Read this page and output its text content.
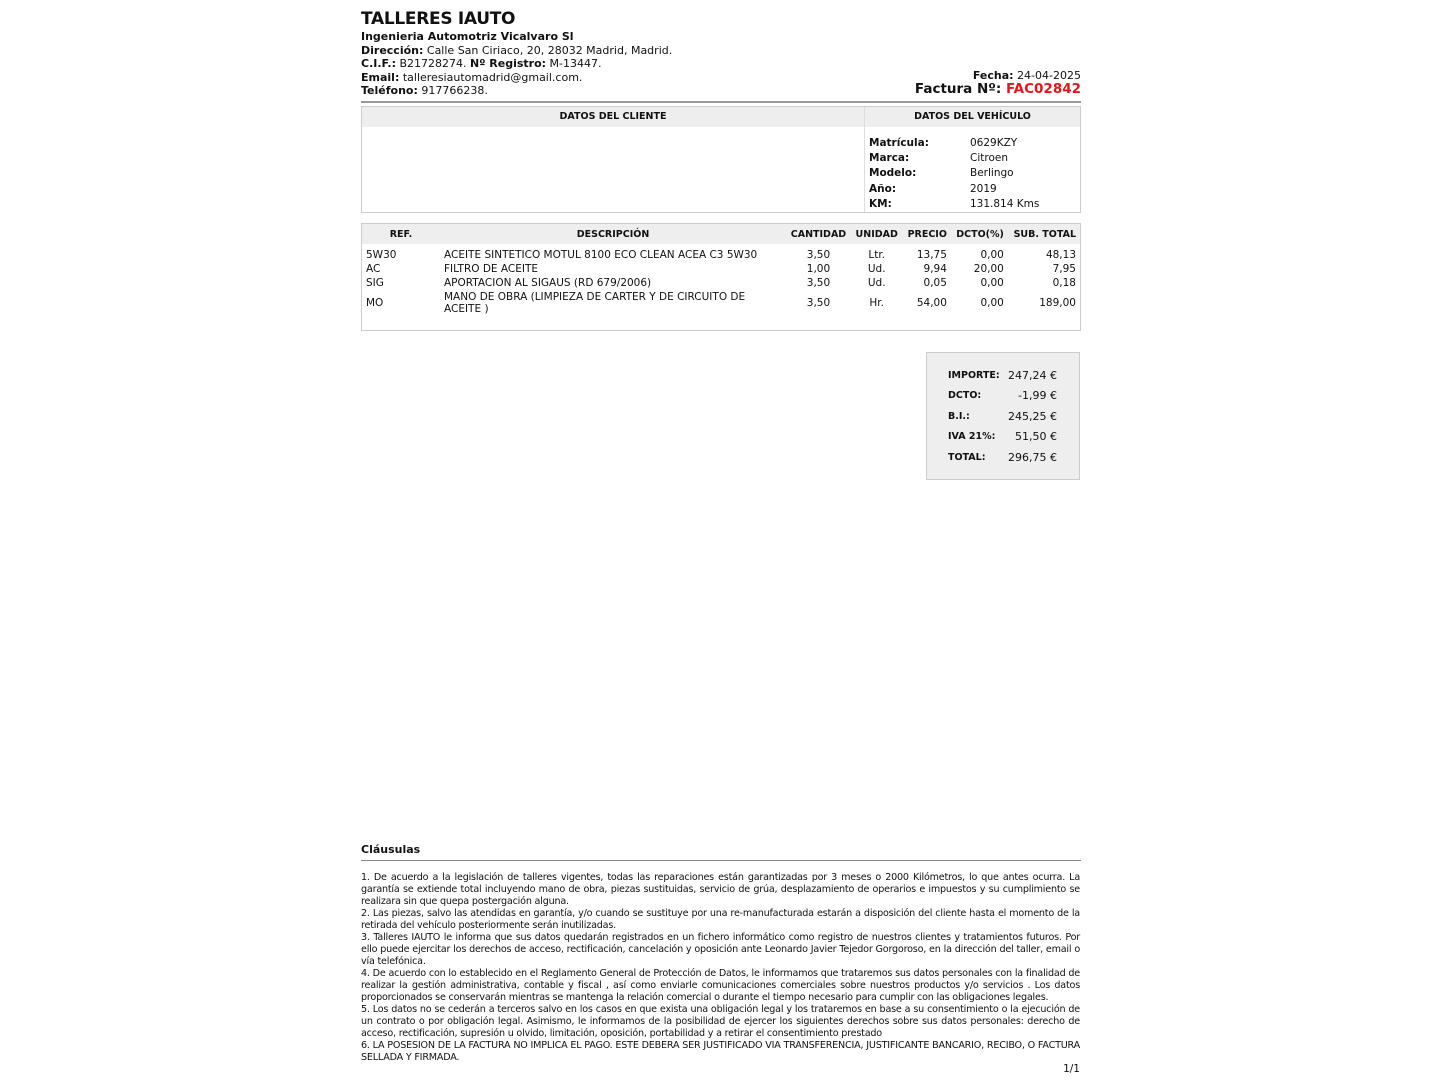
TALLERES IAUTO
Ingenieria Automotriz Vicalvaro Sl
Dirección: Calle San Ciriaco, 20, 28032 Madrid, Madrid.
C.I.F.: B21728274. Nº Registro: M-13447.
Email: talleresiautomadrid@gmail.com.
Teléfono: 917766238.
Fecha: 24-04-2025
Factura Nº: FAC02842
DATOS DEL CLIENTE	DATOS DEL VEHÍCULO
Matrícula:	0629KZY
Marca:	Citroen
Modelo:	Berlingo
Año:	2019
KM:	131.814 Kms
REF.	DESCRIPCIÓN	CANTIDAD	UNIDAD	PRECIO	DCTO(%)	SUB. TOTAL

5W30	ACEITE SINTETICO MOTUL 8100 ECO CLEAN ACEA C3 5W30	3,50	Ltr.	13,75	0,00	48,13
AC	FILTRO DE ACEITE	1,00	Ud.	9,94	20,00	7,95
SIG	APORTACION AL SIGAUS (RD 679/2006)	3,50	Ud.	0,05	0,00	0,18
MO	MANO DE OBRA (LIMPIEZA DE CARTER Y DE CIRCUITO DE ACEITE )	3,50	Hr.	54,00	0,00	189,00
IMPORTE: 247,24 €
DCTO:	-1,99 €
B.I.:	245,25 €
IVA 21%: 51,50 €
TOTAL: 296,75 €
Cláusulas
1. De acuerdo a la legislación de talleres vigentes, todas las reparaciones están garantizadas por 3 meses o 2000 Kilómetros, lo que antes ocurra. La garantía se extiende total incluyendo mano de obra, piezas sustituidas, servicio de grúa, desplazamiento de operarios e impuestos y su cumplimiento se realizara sin que quepa postergación alguna.
2. Las piezas, salvo las atendidas en garantía, y/o cuando se sustituye por una re-manufacturada estarán a disposición del cliente hasta el momento de la retirada del vehículo posteriormente serán inutilizadas.
3. Talleres IAUTO le informa que sus datos quedarán registrados en un fichero informático como registro de nuestros clientes y tratamientos futuros. Por ello puede ejercitar los derechos de acceso, rectificación, cancelación y oposición ante Leonardo Javier Tejedor Gorgoroso, en la dirección del taller, email o vía telefónica.
4. De acuerdo con lo establecido en el Reglamento General de Protección de Datos, le informamos que trataremos sus datos personales con la finalidad de realizar la gestión administrativa, contable y fiscal , así como enviarle comunicaciones comerciales sobre nuestros productos y/o servicios . Los datos proporcionados se conservarán mientras se mantenga la relación comercial o durante el tiempo necesario para cumplir con las obligaciones legales.
5. Los datos no se cederán a terceros salvo en los casos en que exista una obligación legal y los trataremos en base a su consentimiento o la ejecución de un contrato o por obligación legal. Asimismo, le informamos de la posibilidad de ejercer los siguientes derechos sobre sus datos personales: derecho de acceso, rectificación, supresión u olvido, limitación, oposición, portabilidad y a retirar el consentimiento prestado
6. LA POSESION DE LA FACTURA NO IMPLICA EL PAGO. ESTE DEBERA SER JUSTIFICADO VIA TRANSFERENCIA, JUSTIFICANTE BANCARIO, RECIBO, O FACTURA SELLADA Y FIRMADA.
1/1
